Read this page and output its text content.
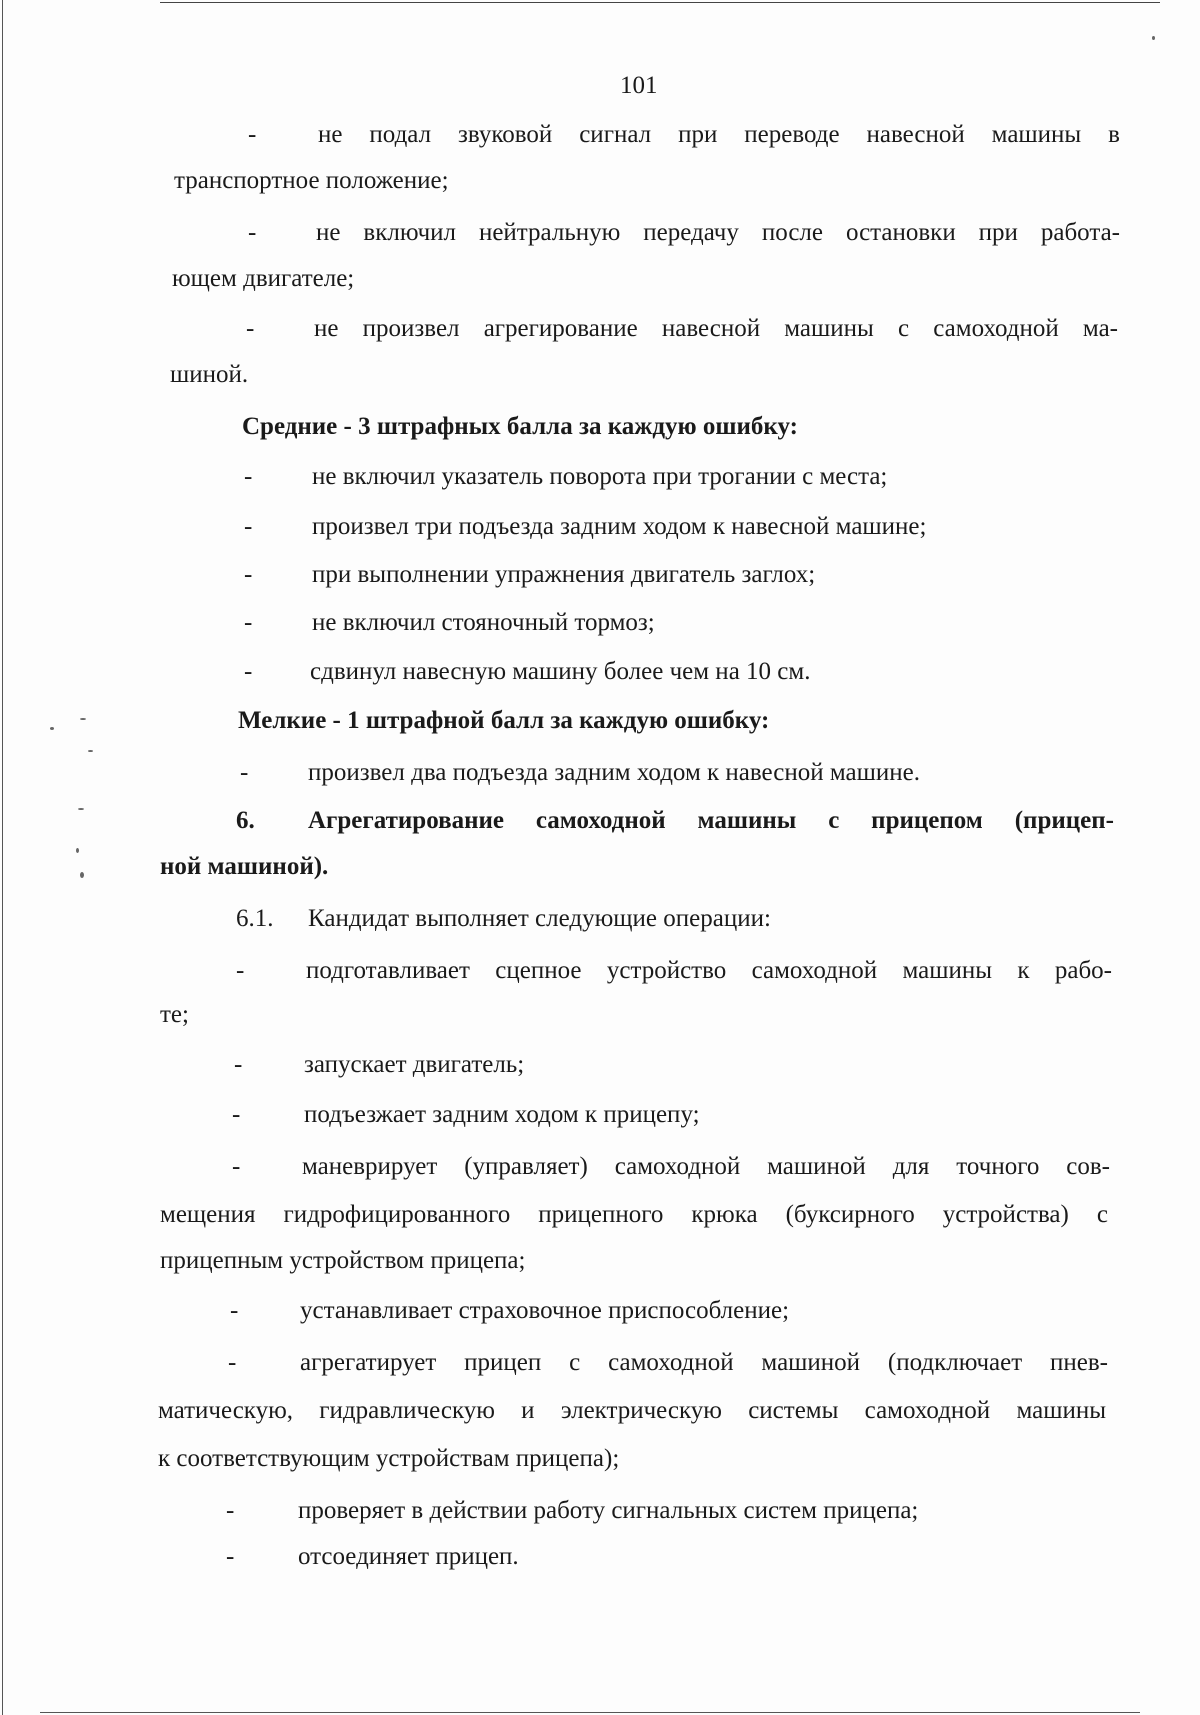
101
- не подал звуковой сигнал при переводе навесной машины в
транспортное положение;
- не включил нейтральную передачу после остановки при работа-
ющем двигателе;
- не произвел агрегирование навесной машины с самоходной ма-
шиной.
Средние - 3 штрафных балла за каждую ошибку:
- не включил указатель поворота при трогании с места;
- произвел три подъезда задним ходом к навесной машине;
- при выполнении упражнения двигатель заглох;
- не включил стояночный тормоз;
- сдвинул навесную машину более чем на 10 см.
Мелкие - 1 штрафной балл за каждую ошибку:
- произвел два подъезда задним ходом к навесной машине.
6. Агрегатирование самоходной машины с прицепом (прицеп-
ной машиной).
6.1. Кандидат выполняет следующие операции:
- подготавливает сцепное устройство самоходной машины к рабо-
те;
- запускает двигатель;
-	подъезжает задним ходом к прицепу;
- маневрирует (управляет) самоходной машиной для точного сов-
мещения гидрофицированного прицепного крюка (буксирного устройства) с
прицепным устройством прицепа;
- устанавливает страховочное приспособление;
-	агрегатирует прицеп с самоходной машиной (подключает пнев-
матическую, гидравлическую и электрическую системы самоходной машины
к соответствующим устройствам прицепа);
-	проверяет в действии работу сигнальных систем прицепа;
-	отсоединяет прицеп.
